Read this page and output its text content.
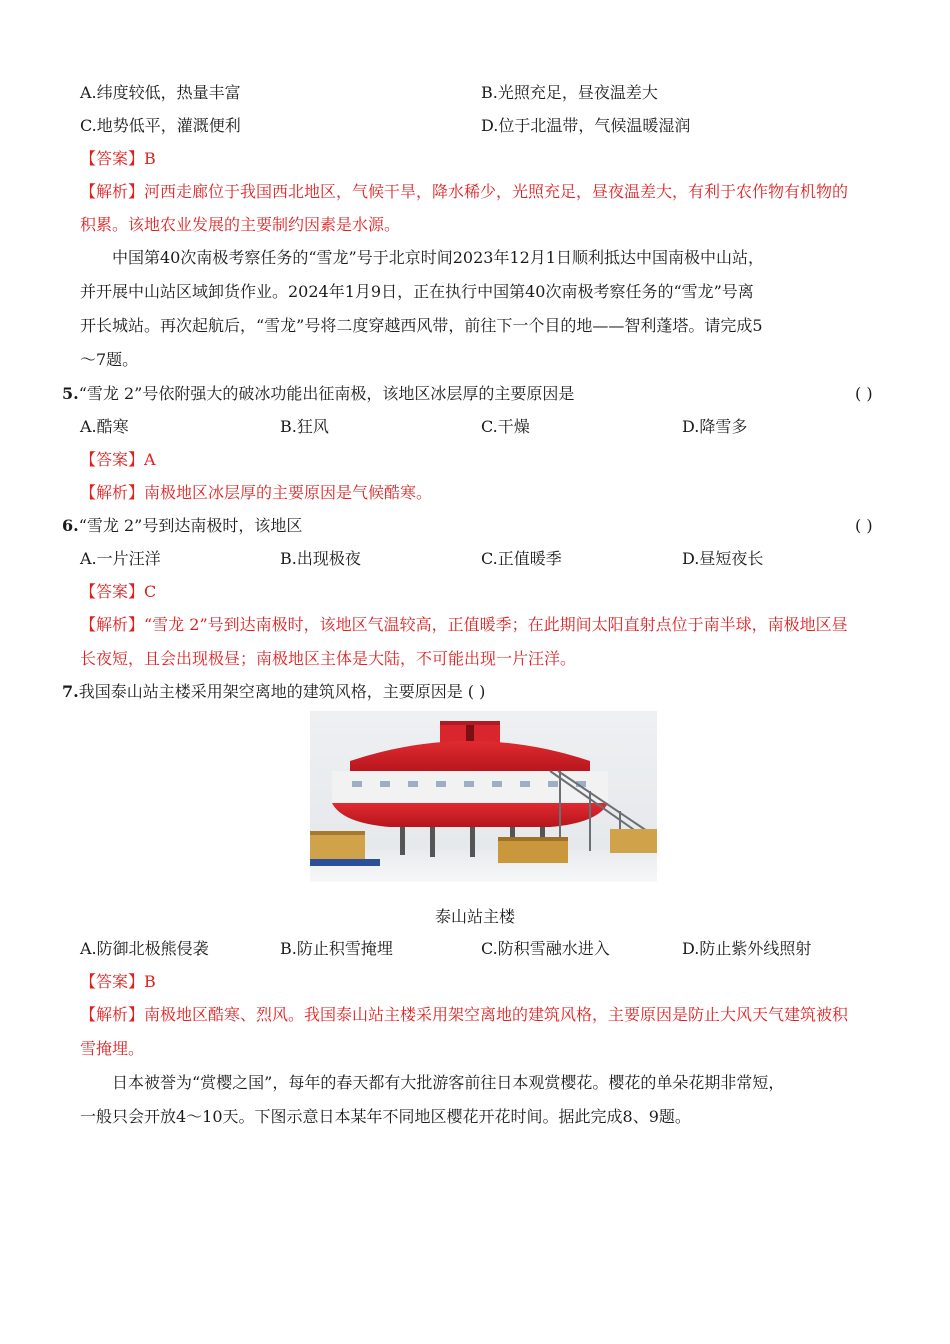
A.纬度较低，热量丰富	B.光照充足，昼夜温差大
C.地势低平，灌溉便利	D.位于北温带，气候温暖湿润
【答案】B
【解析】河西走廊位于我国西北地区，气候干旱，降水稀少，光照充足，昼夜温差大，有利于农作物有机物的
积累。该地农业发展的主要制约因素是水源。
中国第40次南极考察任务的“雪龙”号于北京时间2023年12月1日顺利抵达中国南极中山站，
并开展中山站区域卸货作业。2024年1月9日，正在执行中国第40次南极考察任务的“雪龙”号离
开长城站。再次起航后，“雪龙”号将二度穿越西风带，前往下一个目的地——智利蓬塔。请完成5
～7题。
5.“雪龙 2”号依附强大的破冰功能出征南极，该地区冰层厚的主要原因是	( )
A.酷寒	B.狂风	C.干燥	D.降雪多
【答案】A
【解析】南极地区冰层厚的主要原因是气候酷寒。
6.“雪龙 2”号到达南极时，该地区	( )
A.一片汪洋	B.出现极夜	C.正值暖季	D.昼短夜长
【答案】C
【解析】“雪龙 2”号到达南极时，该地区气温较高，正值暖季；在此期间太阳直射点位于南半球，南极地区昼
长夜短，且会出现极昼；南极地区主体是大陆，不可能出现一片汪洋。
7.我国泰山站主楼采用架空离地的建筑风格，主要原因是 ( )
泰山站主楼
A.防御北极熊侵袭	B.防止积雪掩埋	C.防积雪融水进入	D.防止紫外线照射
【答案】B
【解析】南极地区酷寒、烈风。我国泰山站主楼采用架空离地的建筑风格，主要原因是防止大风天气建筑被积
雪掩埋。
日本被誉为“赏樱之国”，每年的春天都有大批游客前往日本观赏樱花。樱花的单朵花期非常短，
一般只会开放4～10天。下图示意日本某年不同地区樱花开花时间。据此完成8、9题。
